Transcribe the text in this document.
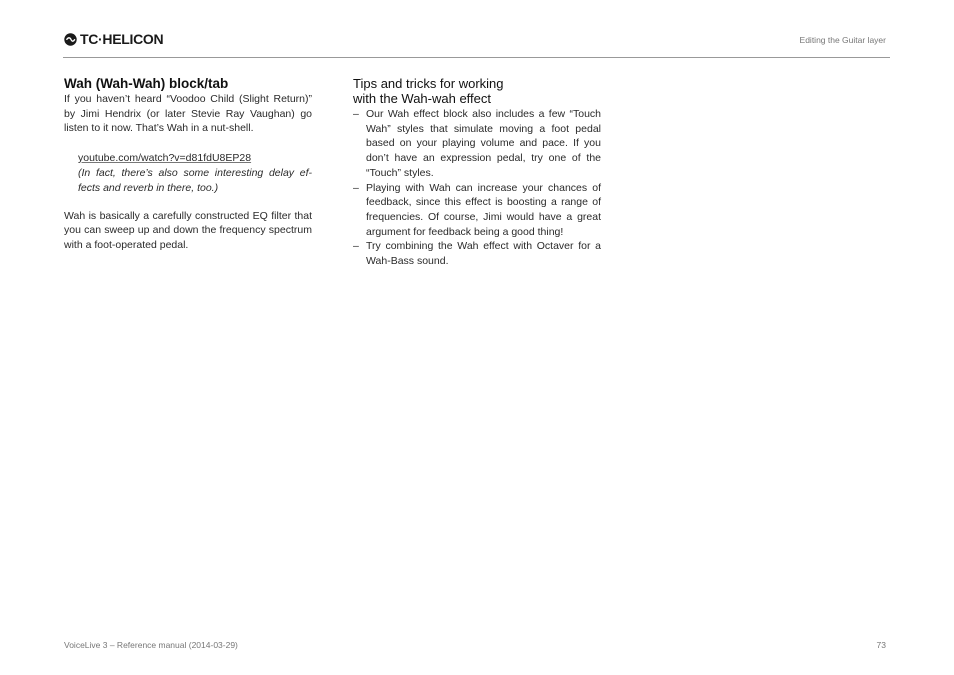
TC·HELICON	Editing the Guitar layer
Wah (Wah-Wah) block/tab

If you haven’t heard “Voodoo Child (Slight Return)” by Jimi Hendrix (or later Stevie Ray Vaughan) go listen to it now. That’s Wah in a nut-shell.

youtube.com/watch?v=d81fdU8EP28
(In fact, there’s also some interesting delay ef-fects and reverb in there, too.)

Wah is basically a carefully constructed EQ filter that you can sweep up and down the frequency spectrum with a foot-operated pedal.

Tips and tricks for working
with the Wah-wah effect
– Our Wah effect block also includes a few “Touch Wah” styles that simulate moving a foot pedal based on your playing volume and pace. If you don’t have an expression pedal, try one of the “Touch” styles.
– Playing with Wah can increase your chances of feedback, since this effect is boosting a range of frequencies. Of course, Jimi would have a great argument for feedback being a good thing!
– Try combining the Wah effect with Octaver for a Wah-Bass sound.
VoiceLive 3 – Reference manual (2014-03-29)	73
